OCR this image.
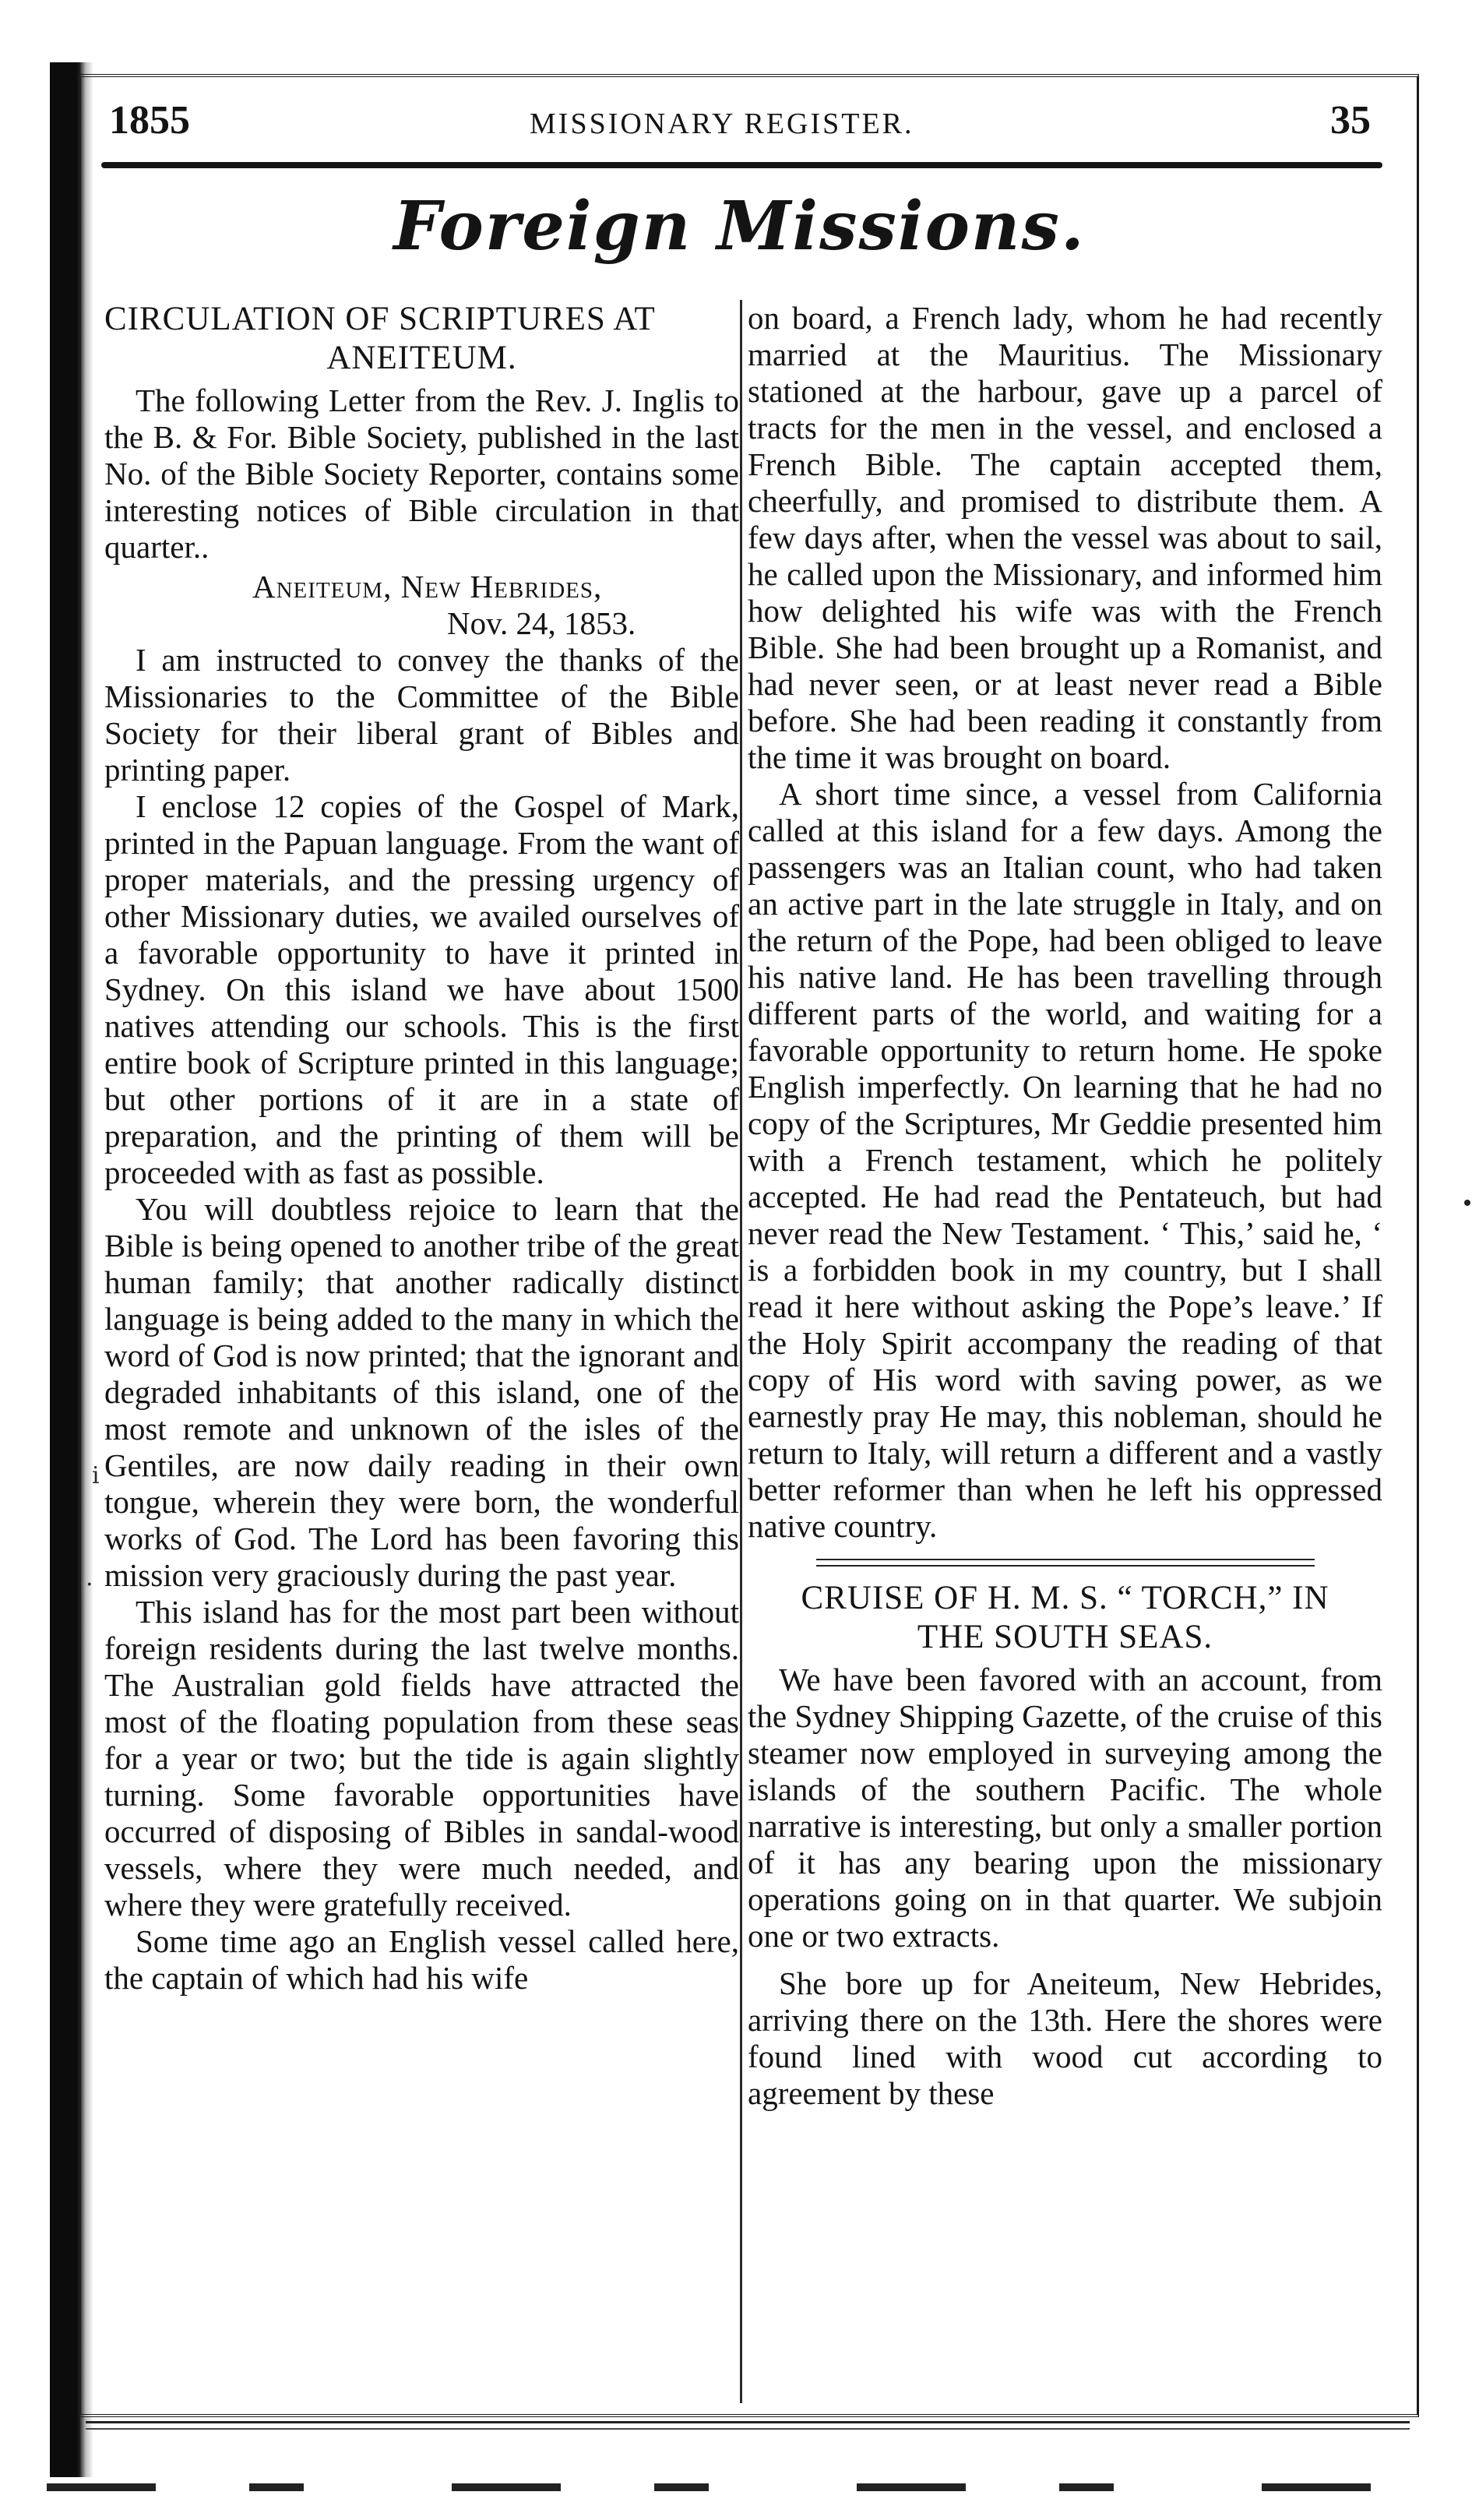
i
·
1855	MISSIONARY REGISTER.	35
Foreign Missions.
CIRCULATION OF SCRIPTURES AT

ANEITEUM.

The following Letter from the Rev. J. Inglis to the B. & For. Bible Society, published in the last No. of the Bible Society Reporter, contains some interesting notices of Bible circulation in that quarter..

Aneiteum, New Hebrides,
Nov. 24, 1853.

I am instructed to convey the thanks of the Missionaries to the Committee of the Bible Society for their liberal grant of Bibles and printing paper.

I enclose 12 copies of the Gospel of Mark, printed in the Papuan language. From the want of proper materials, and the pressing urgency of other Missionary duties, we availed ourselves of a favorable opportunity to have it printed in Sydney. On this island we have about 1500 natives attending our schools. This is the first entire book of Scripture printed in this language; but other portions of it are in a state of preparation, and the printing of them will be proceeded with as fast as possible.

You will doubtless rejoice to learn that the Bible is being opened to another tribe of the great human family; that another radically distinct language is being added to the many in which the word of God is now printed; that the ignorant and degraded inhabitants of this island, one of the most remote and unknown of the isles of the Gentiles, are now daily reading in their own tongue, wherein they were born, the wonderful works of God. The Lord has been favoring this mission very graciously during the past year.

This island has for the most part been without foreign residents during the last twelve months. The Australian gold fields have attracted the most of the floating population from these seas for a year or two; but the tide is again slightly turning. Some favorable opportunities have occurred of disposing of Bibles in sandal-wood vessels, where they were much needed, and where they were gratefully received.

Some time ago an English vessel called here, the captain of which had his wife

on board, a French lady, whom he had recently married at the Mauritius. The Missionary stationed at the harbour, gave up a parcel of tracts for the men in the vessel, and enclosed a French Bible. The captain accepted them, cheerfully, and promised to distribute them. A few days after, when the vessel was about to sail, he called upon the Missionary, and informed him how delighted his wife was with the French Bible. She had been brought up a Romanist, and had never seen, or at least never read a Bible before. She had been reading it constantly from the time it was brought on board.

A short time since, a vessel from California called at this island for a few days. Among the passengers was an Italian count, who had taken an active part in the late struggle in Italy, and on the return of the Pope, had been obliged to leave his native land. He has been travelling through different parts of the world, and waiting for a favorable opportunity to return home. He spoke English imperfectly. On learning that he had no copy of the Scriptures, Mr Geddie presented him with a French testament, which he politely accepted. He had read the Pentateuch, but had never read the New Testament. ‘ This,’ said he, ‘ is a forbidden book in my country, but I shall read it here without asking the Pope’s leave.’ If the Holy Spirit accompany the reading of that copy of His word with saving power, as we earnestly pray He may, this nobleman, should he return to Italy, will return a different and a vastly better reformer than when he left his oppressed native country.

CRUISE OF H. M. S. “ TORCH,” IN
THE SOUTH SEAS.

We have been favored with an account, from the Sydney Shipping Gazette, of the cruise of this steamer now employed in surveying among the islands of the southern Pacific. The whole narrative is interesting, but only a smaller portion of it has any bearing upon the missionary operations going on in that quarter. We subjoin one or two extracts.

She bore up for Aneiteum, New Hebrides, arriving there on the 13th. Here the shores were found lined with wood cut according to agreement by these
